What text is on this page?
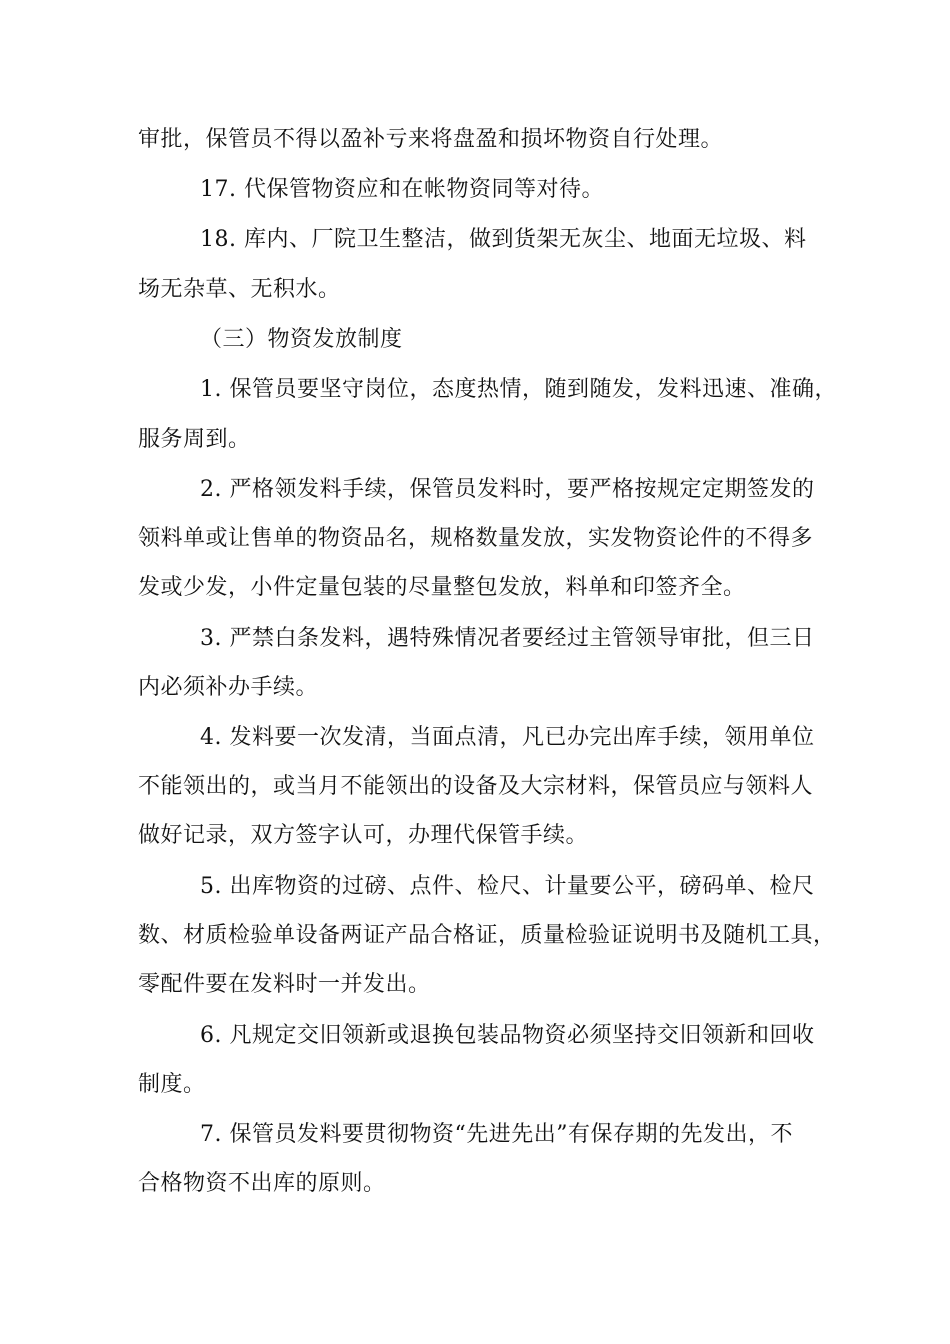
审批，保管员不得以盈补亏来将盘盈和损坏物资自行处理。
17. 代保管物资应和在帐物资同等对待。
18. 库内、厂院卫生整洁，做到货架无灰尘、地面无垃圾、料
场无杂草、无积水。
（三）物资发放制度
1. 保管员要坚守岗位，态度热情，随到随发，发料迅速、准确，
服务周到。
2. 严格领发料手续，保管员发料时，要严格按规定定期签发的
领料单或让售单的物资品名，规格数量发放，实发物资论件的不得多
发或少发，小件定量包装的尽量整包发放，料单和印签齐全。
3. 严禁白条发料，遇特殊情况者要经过主管领导审批，但三日
内必须补办手续。
4. 发料要一次发清，当面点清，凡已办完出库手续，领用单位
不能领出的，或当月不能领出的设备及大宗材料，保管员应与领料人
做好记录，双方签字认可，办理代保管手续。
5. 出库物资的过磅、点件、检尺、计量要公平，磅码单、检尺
数、材质检验单设备两证产品合格证，质量检验证说明书及随机工具，
零配件要在发料时一并发出。
6. 凡规定交旧领新或退换包装品物资必须坚持交旧领新和回收
制度。
7. 保管员发料要贯彻物资“先进先出”有保存期的先发出，不
合格物资不出库的原则。
